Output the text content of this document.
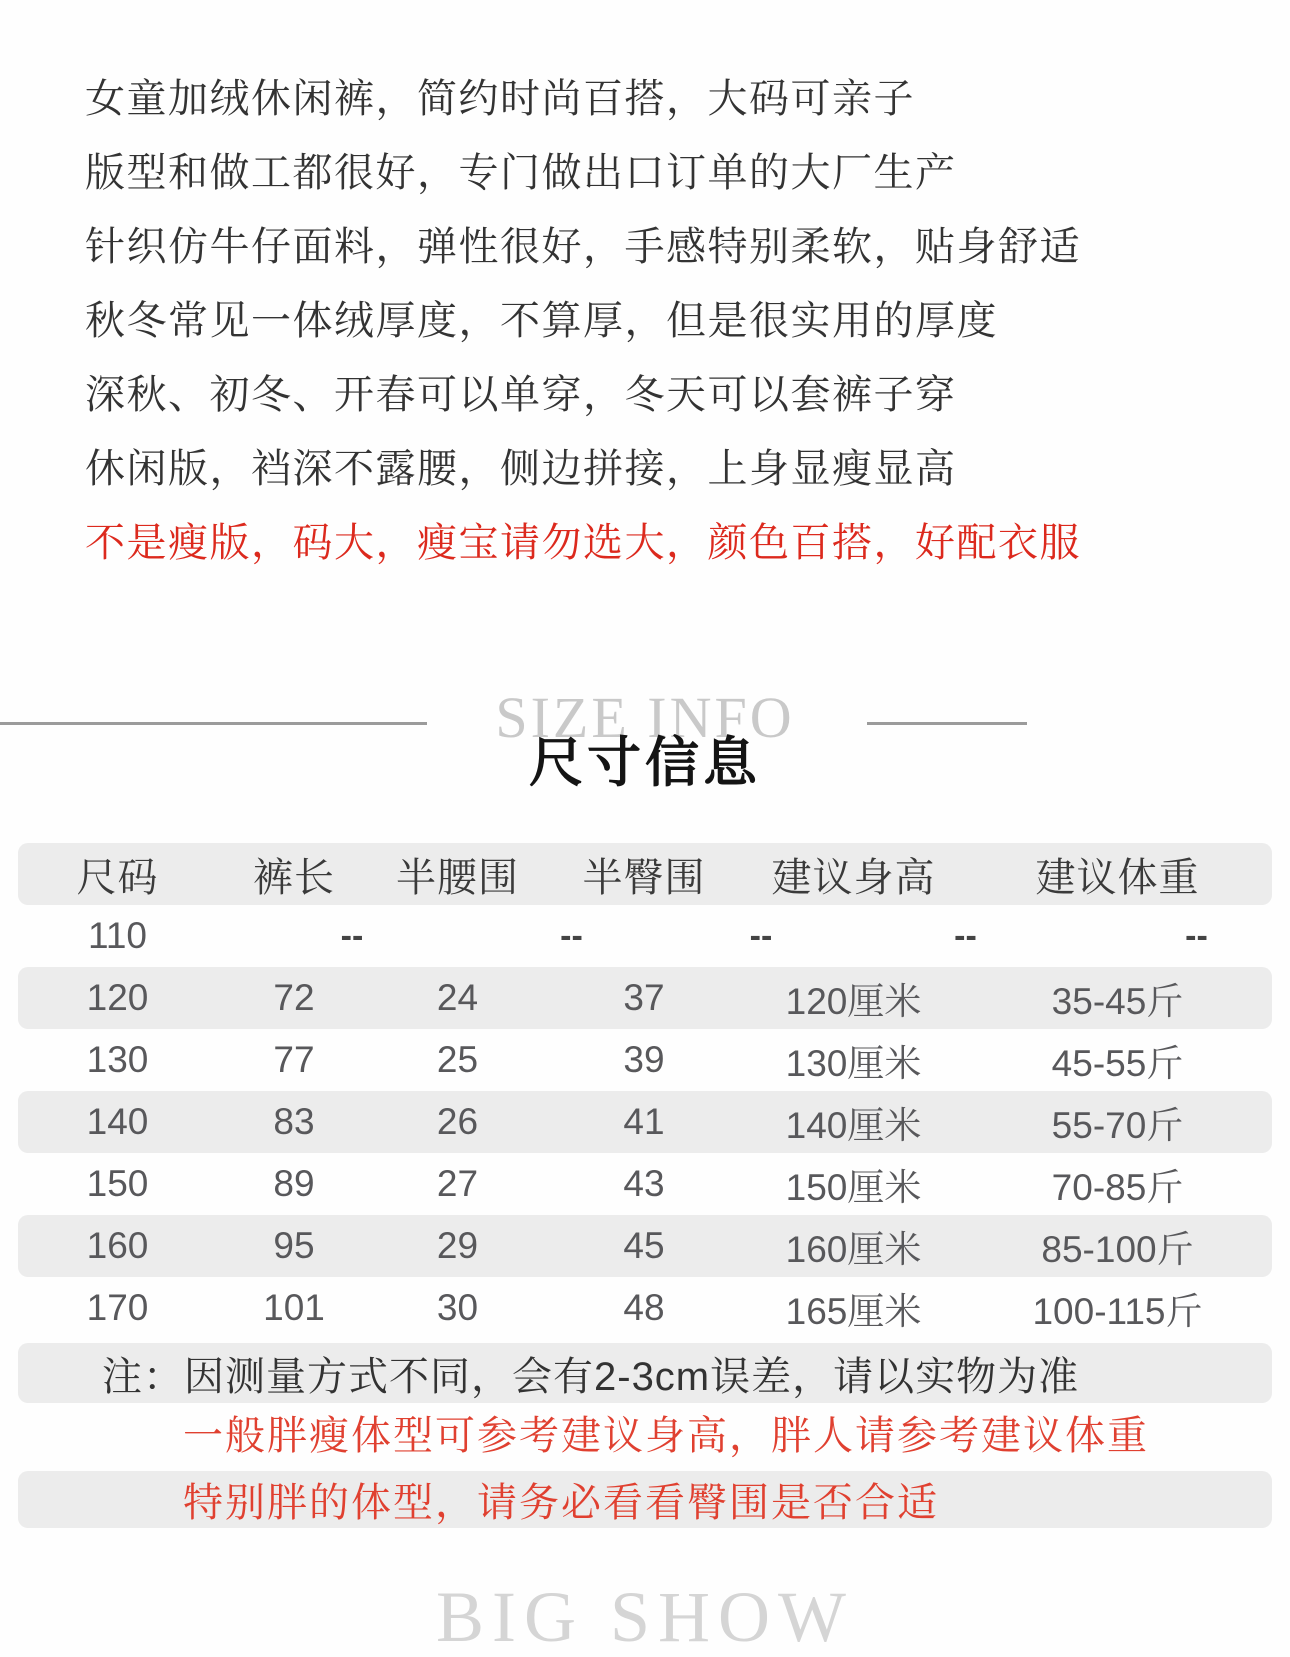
女童加绒休闲裤，简约时尚百搭，大码可亲子
版型和做工都很好，专门做出口订单的大厂生产
针织仿牛仔面料，弹性很好，手感特别柔软，贴身舒适
秋冬常见一体绒厚度，不算厚，但是很实用的厚度
深秋、初冬、开春可以单穿，冬天可以套裤子穿
休闲版，裆深不露腰，侧边拼接，上身显瘦显高
不是瘦版，码大，瘦宝请勿选大，颜色百搭，好配衣服
SIZE INFO
尺寸信息
尺码	裤长	半腰围	半臀围	建议身高	建议体重
110	--	--	--	--	--
120	72	24	37	120厘米	35-45斤
130	77	25	39	130厘米	45-55斤
140	83	26	41	140厘米	55-70斤
150	89	27	43	150厘米	70-85斤
160	95	29	45	160厘米	85-100斤
170	101	30	48	165厘米	100-115斤
注：因测量方式不同，会有2-3cm误差，请以实物为准
一般胖瘦体型可参考建议身高，胖人请参考建议体重
特别胖的体型，请务必看看臀围是否合适
BIG SHOW
